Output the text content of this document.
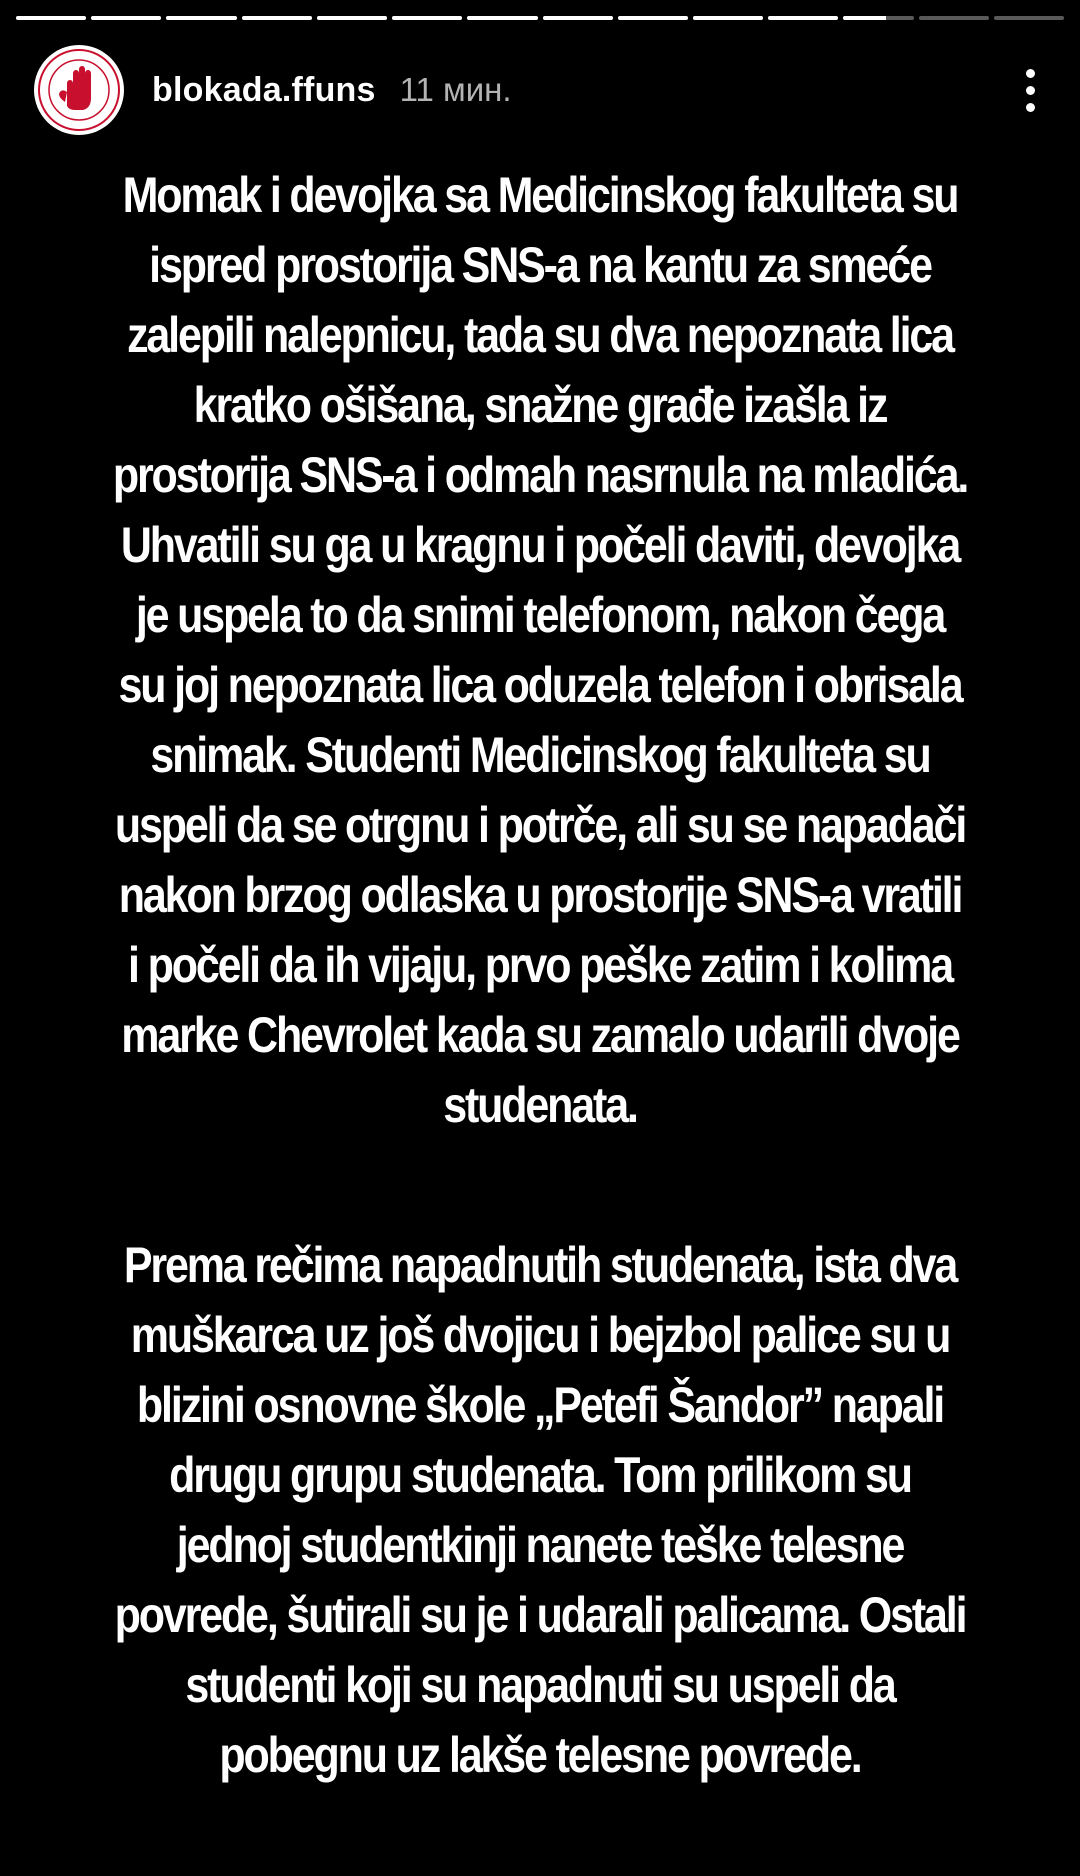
blokada.ffuns 11 мин.

Momak i devojka sa Medicinskog fakulteta su ispred prostorija SNS-a na kantu za smeće zalepili nalepnicu, tada su dva nepoznata lica kratko ošišana, snažne građe izašla iz prostorija SNS-a i odmah nasrnula na mladića. Uhvatili su ga u kragnu i počeli daviti, devojka je uspela to da snimi telefonom, nakon čega su joj nepoznata lica oduzela telefon i obrisala snimak. Studenti Medicinskog fakulteta su uspeli da se otrgnu i potrče, ali su se napadači nakon brzog odlaska u prostorije SNS-a vratili i počeli da ih vijaju, prvo peške zatim i kolima marke Chevrolet kada su zamalo udarili dvoje studenata.

Prema rečima napadnutih studenata, ista dva muškarca uz još dvojicu i bejzbol palice su u blizini osnovne škole „Petefi Šandor” napali drugu grupu studenata. Tom prilikom su jednoj studentkinji nanete teške telesne povrede, šutirali su je i udarali palicama. Ostali studenti koji su napadnuti su uspeli da pobegnu uz lakše telesne povrede.
